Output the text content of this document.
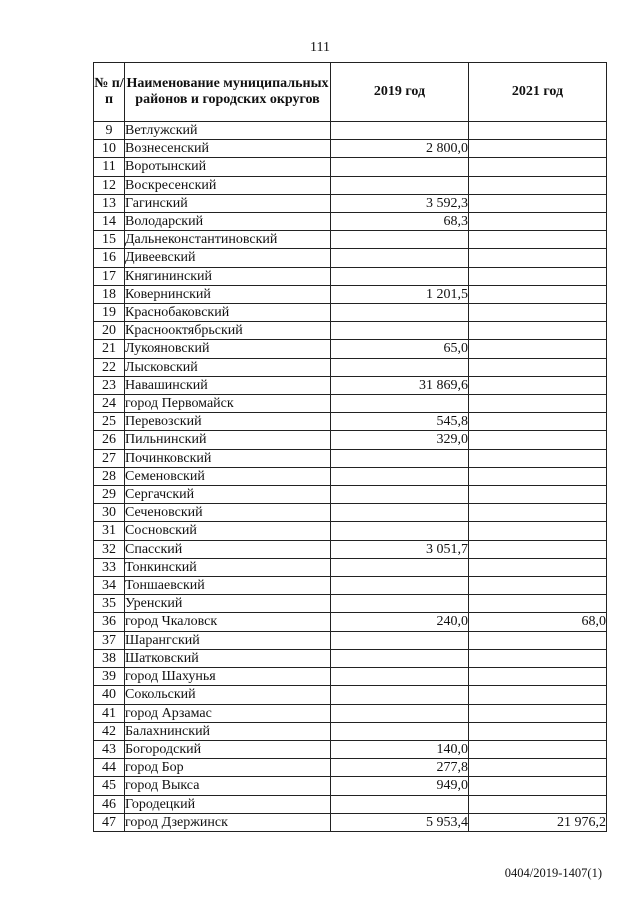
111
№ п/п	Наименование муниципальных районов и городских округов	2019 год	2021 год
9	Ветлужский		
10	Вознесенский	2 800,0	
11	Воротынский		
12	Воскресенский		
13	Гагинский	3 592,3	
14	Володарский	68,3	
15	Дальнеконстантиновский		
16	Дивеевский		
17	Княгининский		
18	Ковернинский	1 201,5	
19	Краснобаковский		
20	Краснооктябрьский		
21	Лукояновский	65,0	
22	Лысковский		
23	Навашинский	31 869,6	
24	город Первомайск		
25	Перевозский	545,8	
26	Пильнинский	329,0	
27	Починковский		
28	Семеновский		
29	Сергачский		
30	Сеченовский		
31	Сосновский		
32	Спасский	3 051,7	
33	Тонкинский		
34	Тоншаевский		
35	Уренский		
36	город Чкаловск	240,0	68,0
37	Шарангский		
38	Шатковский		
39	город Шахунья		
40	Сокольский		
41	город Арзамас		
42	Балахнинский		
43	Богородский	140,0	
44	город Бор	277,8	
45	город Выкса	949,0	
46	Городецкий		
47	город Дзержинск	5 953,4	21 976,2
0404/2019-1407(1)
